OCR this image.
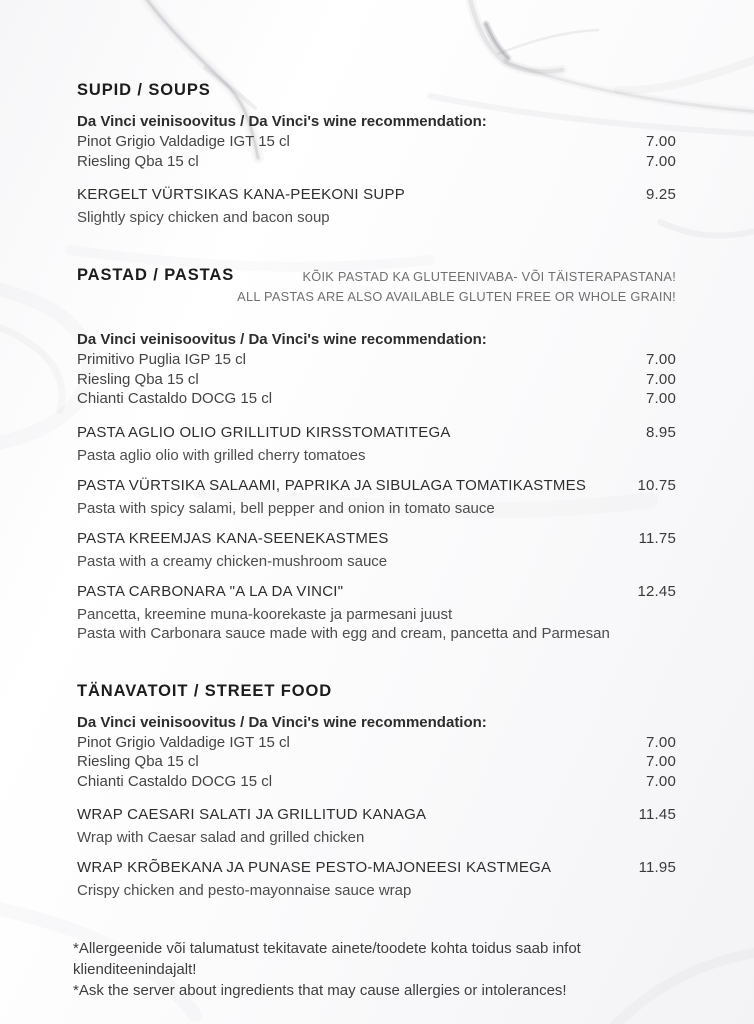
SUPID / SOUPS
Da Vinci veinisoovitus / Da Vinci's wine recommendation:
Pinot Grigio Valdadige IGT 15 cl	7.00
Riesling Qba 15 cl	7.00
KERGELT VÜRTSIKAS KANA-PEEKONI SUPP	9.25
Slightly spicy chicken and bacon soup
PASTAD / PASTAS	KÕIK PASTAD KA GLUTEENIVABA- VÕI TÄISTERAPASTANA!
ALL PASTAS ARE ALSO AVAILABLE GLUTEN FREE OR WHOLE GRAIN!
Da Vinci veinisoovitus / Da Vinci's wine recommendation:
Primitivo Puglia IGP 15 cl	7.00
Riesling Qba 15 cl	7.00
Chianti Castaldo DOCG 15 cl	7.00
PASTA AGLIO OLIO GRILLITUD KIRSSTOMATITEGA	8.95
Pasta aglio olio with grilled cherry tomatoes
PASTA VÜRTSIKA SALAAMI, PAPRIKA JA SIBULAGA TOMATIKASTMES	10.75
Pasta with spicy salami, bell pepper and onion in tomato sauce
PASTA KREEMJAS KANA-SEENEKASTMES	11.75
Pasta with a creamy chicken-mushroom sauce
PASTA CARBONARA "A LA DA VINCI"	12.45
Pancetta, kreemine muna-koorekaste ja parmesani juust
Pasta with Carbonara sauce made with egg and cream, pancetta and Parmesan
TÄNAVATOIT / STREET FOOD
Da Vinci veinisoovitus / Da Vinci's wine recommendation:
Pinot Grigio Valdadige IGT 15 cl	7.00
Riesling Qba 15 cl	7.00
Chianti Castaldo DOCG 15 cl	7.00
WRAP CAESARI SALATI JA GRILLITUD KANAGA	11.45
Wrap with Caesar salad and grilled chicken
WRAP KRÕBEKANA JA PUNASE PESTO-MAJONEESI KASTMEGA	11.95
Crispy chicken and pesto-mayonnaise sauce wrap
*Allergeenide või talumatust tekitavate ainete/toodete kohta toidus saab infot klienditeenindajalt!
*Ask the server about ingredients that may cause allergies or intolerances!
